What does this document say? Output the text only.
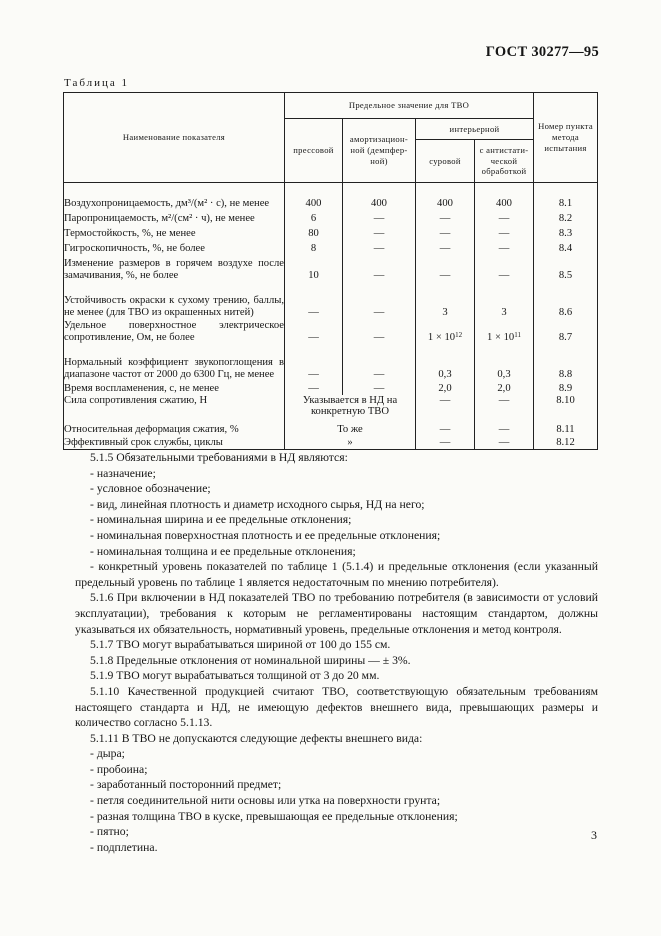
ГОСТ 30277—95
Таблица 1
Наименование показателя	Предельное значение для ТВО				Номер пункта метода испытания
	прессовой	амортизацион-ной (демпфер-ной)	интерьерной		
			суровой	с антистати-ческой обработкой	
Воздухопроницаемость, дм³/(м² · с), не менее	400	400	400	400	8.1
Паропроницаемость, м²/(см² · ч), не менее	6	—	—	—	8.2
Термостойкость, %, не менее	80	—	—	—	8.3
Гигроскопичность, %, не более	8	—	—	—	8.4
Изменение размеров в горячем воздухе после замачивания, %, не более	10	—	—	—	8.5
Устойчивость окраски к сухому трению, баллы, не менее (для ТВО из окрашенных нитей)	—	—	3	3	8.6
Удельное поверхностное электрическое сопротивление, Ом, не более	—	—	$1 \times 10^{12}$	$1 \times 10^{11}$	8.7
Нормальный коэффициент звукопоглощения в диапазоне частот от 2000 до 6300 Гц, не менее	—	—	0,3	0,3	8.8
Время воспламенения, с, не менее	—	—	2,0	2,0	8.9
Сила сопротивления сжатию, Н	Указывается в НД на конкретную ТВО		—	—	8.10
Относительная деформация сжатия, %	То же		—	—	8.11
Эффективный срок службы, циклы	»		—	—	8.12

5.1.5 Обязательными требованиями в НД являются:

- назначение;

- условное обозначение;

- вид, линейная плотность и диаметр исходного сырья, НД на него;

- номинальная ширина и ее предельные отклонения;

- номинальная поверхностная плотность и ее предельные отклонения;

- номинальная толщина и ее предельные отклонения;

- конкретный уровень показателей по таблице 1 (5.1.4) и предельные отклонения (если указанный предельный уровень по таблице 1 является недостаточным по мнению потребителя).

5.1.6 При включении в НД показателей ТВО по требованию потребителя (в зависимости от условий эксплуатации), требования к которым не регламентированы настоящим стандартом, должны указываться их обязательность, нормативный уровень, предельные отклонения и метод контроля.

5.1.7 ТВО могут вырабатываться шириной от 100 до 155 см.

5.1.8 Предельные отклонения от номинальной ширины — ± 3%.

5.1.9 ТВО могут вырабатываться толщиной от 3 до 20 мм.

5.1.10 Качественной продукцией считают ТВО, соответствующую обязательным требованиям настоящего стандарта и НД, не имеющую дефектов внешнего вида, превышающих размеры и количество согласно 5.1.13.

5.1.11 В ТВО не допускаются следующие дефекты внешнего вида:

- дыра;

- пробоина;

- заработанный посторонний предмет;

- петля соединительной нити основы или утка на поверхности грунта;

- разная толщина ТВО в куске, превышающая ее предельные отклонения;

- пятно;

- подплетина.

3
